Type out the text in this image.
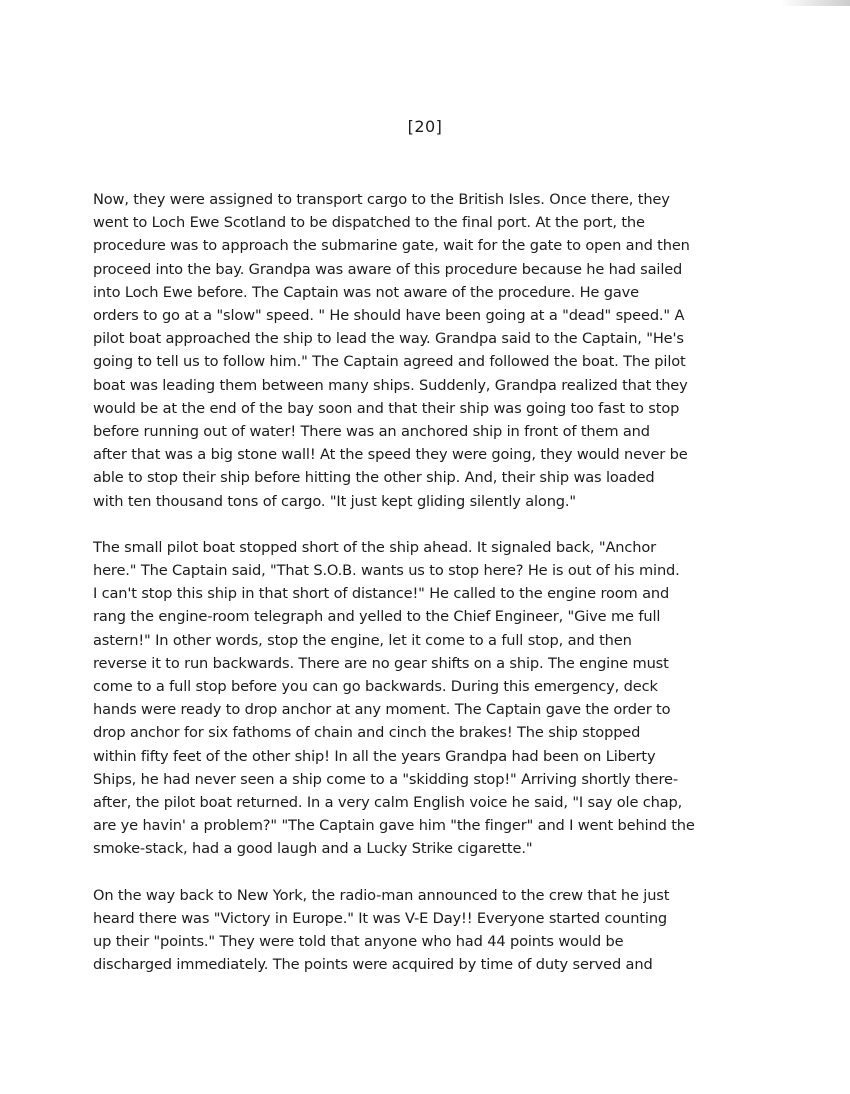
[20]
Now, they were assigned to transport cargo to the British Isles. Once there, they
went to Loch Ewe Scotland to be dispatched to the final port. At the port, the
procedure was to approach the submarine gate, wait for the gate to open and then
proceed into the bay. Grandpa was aware of this procedure because he had sailed
into Loch Ewe before. The Captain was not aware of the procedure. He gave
orders to go at a "slow" speed. " He should have been going at a "dead" speed." A
pilot boat approached the ship to lead the way. Grandpa said to the Captain, "He's
going to tell us to follow him." The Captain agreed and followed the boat. The pilot
boat was leading them between many ships. Suddenly, Grandpa realized that they
would be at the end of the bay soon and that their ship was going too fast to stop
before running out of water! There was an anchored ship in front of them and
after that was a big stone wall! At the speed they were going, they would never be
able to stop their ship before hitting the other ship. And, their ship was loaded
with ten thousand tons of cargo. "It just kept gliding silently along."
The small pilot boat stopped short of the ship ahead. It signaled back, "Anchor
here." The Captain said, "That S.O.B. wants us to stop here? He is out of his mind.
I can't stop this ship in that short of distance!" He called to the engine room and
rang the engine-room telegraph and yelled to the Chief Engineer, "Give me full
astern!" In other words, stop the engine, let it come to a full stop, and then
reverse it to run backwards. There are no gear shifts on a ship. The engine must
come to a full stop before you can go backwards. During this emergency, deck
hands were ready to drop anchor at any moment. The Captain gave the order to
drop anchor for six fathoms of chain and cinch the brakes! The ship stopped
within fifty feet of the other ship! In all the years Grandpa had been on Liberty
Ships, he had never seen a ship come to a "skidding stop!" Arriving shortly there-
after, the pilot boat returned. In a very calm English voice he said, "I say ole chap,
are ye havin' a problem?" "The Captain gave him "the finger" and I went behind the
smoke-stack, had a good laugh and a Lucky Strike cigarette."
On the way back to New York, the radio-man announced to the crew that he just
heard there was "Victory in Europe." It was V-E Day!! Everyone started counting
up their "points." They were told that anyone who had 44 points would be
discharged immediately. The points were acquired by time of duty served and
